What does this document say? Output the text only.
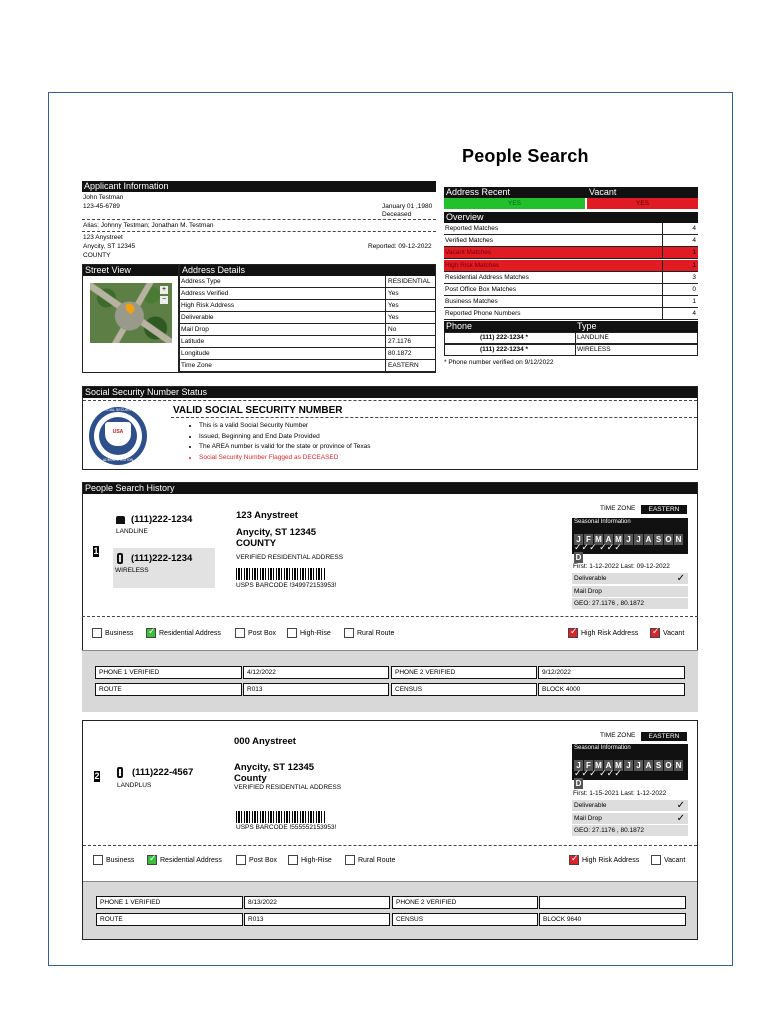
People Search
Applicant Information
John Testman
123-45-6789	January 01 ,1980
Deceased
Alias: Johnny Testman; Jonathan M. Testman
123 Anystreet
Anycity, ST 12345	Reported: 09-12-2022
COUNTY
Street View
+
−
Address Details
Address Type	RESIDENTIAL
Address Verified	Yes
High Risk Address	Yes
Deliverable	Yes
Mail Drop	No
Latitude	27.1176
Longitude	80.1872
Time Zone	EASTERN
Address Recent	Vacant
YES	YES
Overview
Reported Matches	4
Verified Matches	4
Vacant Matches	1
High Risk Matches	1
Residential Address Matches	3
Post Office Box Matches	0
Business Matches	1
Reported Phone Numbers	4
Phone	Type
(111) 222-1234 *	LANDLINE
(111) 222-1234 *	WIRELESS
* Phone number verified on 9/12/2022
Social Security Number Status
USA
SOCIAL SECURITY
ADMINISTRATION
VALID SOCIAL SECURITY NUMBER
• This is a valid Social Security Number
• Issued, Beginning and End Date Provided
• The AREA number is valid for the state or province of Texas
• Social Security Number Flagged as DECEASED
People Search History
1
(111)222-1234
LANDLINE
(111)222-1234
WIRELESS
123 Anystreet
Anycity, ST 12345
COUNTY
VERIFIED RESIDENTIAL ADDRESS
USPS BARCODE !349972153953!
TIME ZONE	EASTERN
Seasonal Information
J F M A M J J A S O ND
✓✓✓ ✓✓✓
First: 1-12-2022 Last: 09-12-2022
Deliverable	✓
Mail Drop
GEO: 27.1176 , 80.1872
Business ✓	Residential Address	Post Box	High-Rise	Rural Route ✓	High Risk Address ✓	Vacant
PHONE 1 VERIFIED	4/12/2022	PHONE 2 VERIFIED	9/12/2022
ROUTE	R013	CENSUS	BLOCK 4000
2	(111)222-4567
LANDPLUS
000 Anystreet
Anycity, ST 12345
County
VERIFIED RESIDENTIAL ADDRESS
USPS BARCODE !555552153953!
TIME ZONE	EASTERN
Seasonal Information
J F M A M J J A S O ND
✓✓✓ ✓✓✓
First: 1-15-2021 Last: 1-12-2022
Deliverable	✓
Mail Drop	✓
GEO: 27.1176 , 80.1872
Business ✓	Residential Address	Post Box	High-Rise	Rural Route ✓	High Risk Address	Vacant
PHONE 1 VERIFIED	8/13/2022	PHONE 2 VERIFIED
ROUTE	R013	CENSUS	BLOCK 9640
